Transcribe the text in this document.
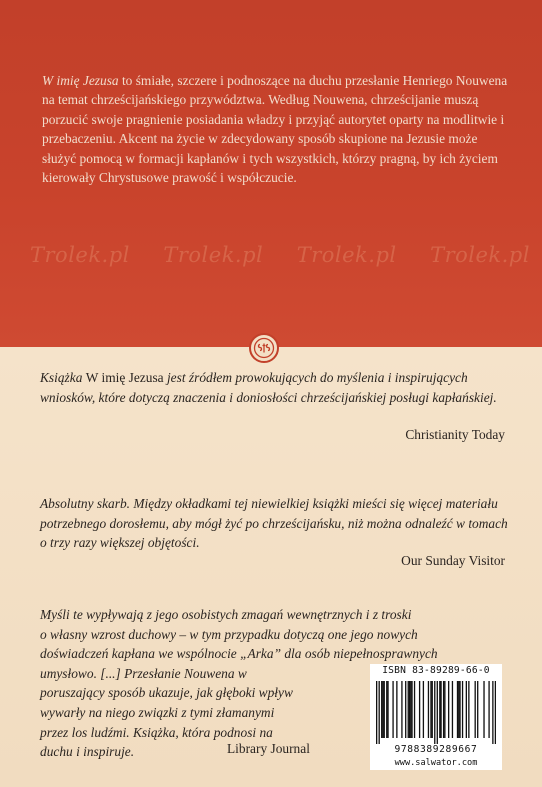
W imię Jezusa to śmiałe, szczere i podnoszące na duchu przesłanie Henriego Nouwena na temat chrześcijańskiego przywództwa. Według Nouwena, chrześcijanie muszą porzucić swoje pragnienie posiadania władzy i przyjąć autorytet oparty na modlitwie i przebaczeniu. Akcent na życie w zdecydowany sposób skupione na Jezusie może służyć pomocą w formacji kapłanów i tych wszystkich, którzy pragną, by ich życiem kierowały Chrystusowe prawość i współczucie.

Trolek.pl Trolek.pl Trolek.pl Trolek.pl

Książka W imię Jezusa jest źródłem prowokujących do myślenia i inspirujących wniosków, które dotyczą znaczenia i doniosłości chrześcijańskiej posługi kapłańskiej.

Christianity Today

Absolutny skarb. Między okładkami tej niewielkiej książki mieści się więcej materiału potrzebnego dorosłemu, aby mógł żyć po chrześcijańsku, niż można odnaleźć w tomach o trzy razy większej objętości.

Our Sunday Visitor

Myśli te wypływają z jego osobistych zmagań wewnętrznych i z troski
o własny wzrost duchowy – w tym przypadku dotyczą one jego nowych
doświadczeń kapłana we wspólnocie „Arka” dla osób niepełnosprawnych
umysłowo. [...] Przesłanie Nouwena w
poruszający sposób ukazuje, jak głęboki wpływ
wywarły na niego związki z tymi złamanymi
przez los ludźmi. Książka, która podnosi na
duchu i inspiruje.	Library Journal
ISBN 83-89289-66-0
9788389289667
www.salwator.com
